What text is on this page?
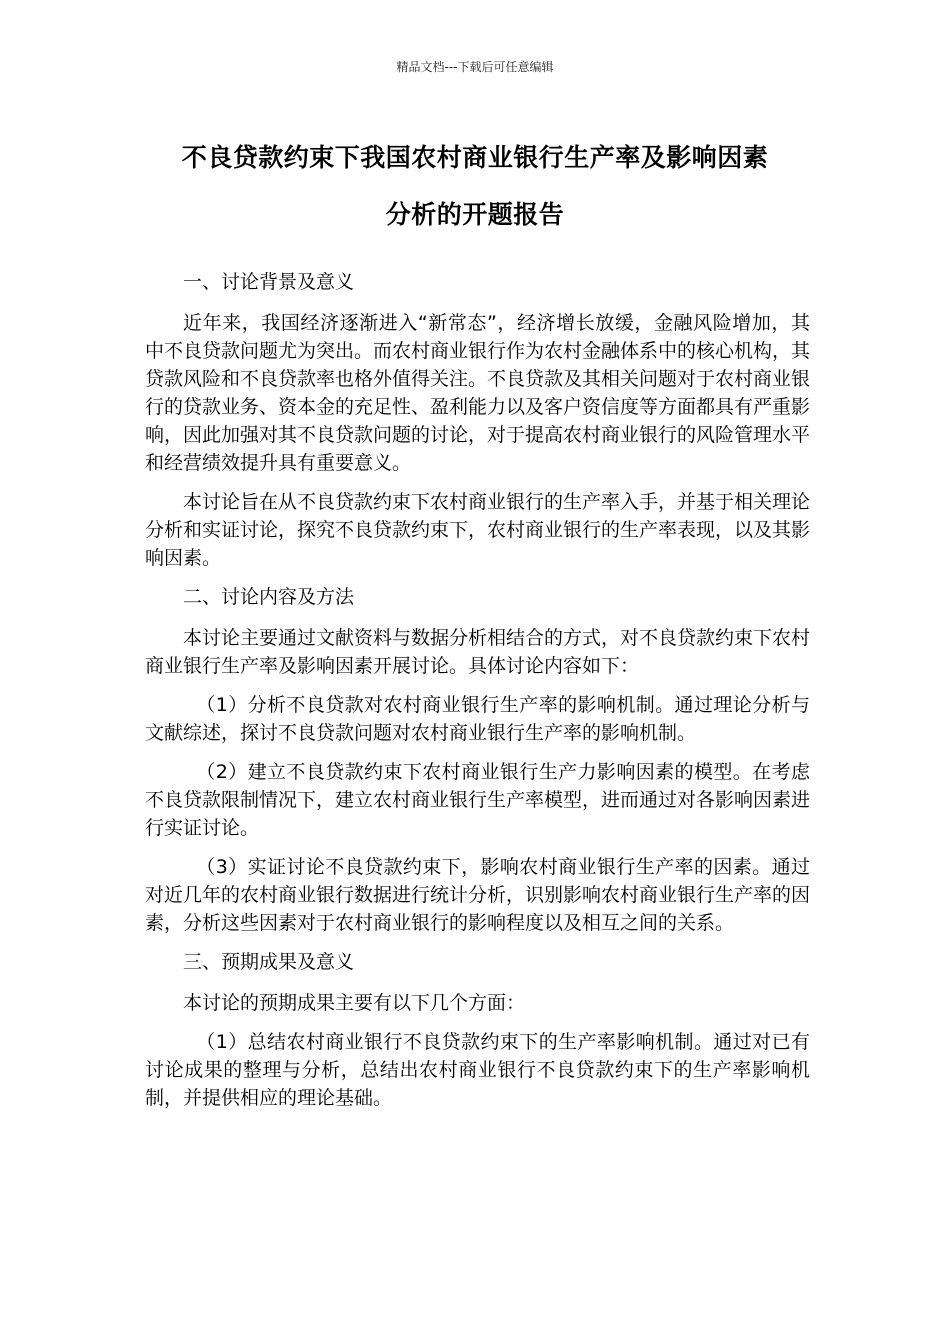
精品文档---下载后可任意编辑
不良贷款约束下我国农村商业银行生产率及影响因素
分析的开题报告

一、讨论背景及意义

近年来，我国经济逐渐进入“新常态”，经济增长放缓，金融风险增加，其中不良贷款问题尤为突出。而农村商业银行作为农村金融体系中的核心机构，其贷款风险和不良贷款率也格外值得关注。不良贷款及其相关问题对于农村商业银行的贷款业务、资本金的充足性、盈利能力以及客户资信度等方面都具有严重影响，因此加强对其不良贷款问题的讨论，对于提高农村商业银行的风险管理水平和经营绩效提升具有重要意义。

本讨论旨在从不良贷款约束下农村商业银行的生产率入手，并基于相关理论分析和实证讨论，探究不良贷款约束下，农村商业银行的生产率表现，以及其影响因素。

二、讨论内容及方法

本讨论主要通过文献资料与数据分析相结合的方式，对不良贷款约束下农村商业银行生产率及影响因素开展讨论。具体讨论内容如下：

（1）分析不良贷款对农村商业银行生产率的影响机制。通过理论分析与文献综述，探讨不良贷款问题对农村商业银行生产率的影响机制。

（2）建立不良贷款约束下农村商业银行生产力影响因素的模型。在考虑不良贷款限制情况下，建立农村商业银行生产率模型，进而通过对各影响因素进行实证讨论。

（3）实证讨论不良贷款约束下，影响农村商业银行生产率的因素。通过对近几年的农村商业银行数据进行统计分析，识别影响农村商业银行生产率的因素，分析这些因素对于农村商业银行的影响程度以及相互之间的关系。

三、预期成果及意义

本讨论的预期成果主要有以下几个方面：

（1）总结农村商业银行不良贷款约束下的生产率影响机制。通过对已有讨论成果的整理与分析，总结出农村商业银行不良贷款约束下的生产率影响机制，并提供相应的理论基础。
